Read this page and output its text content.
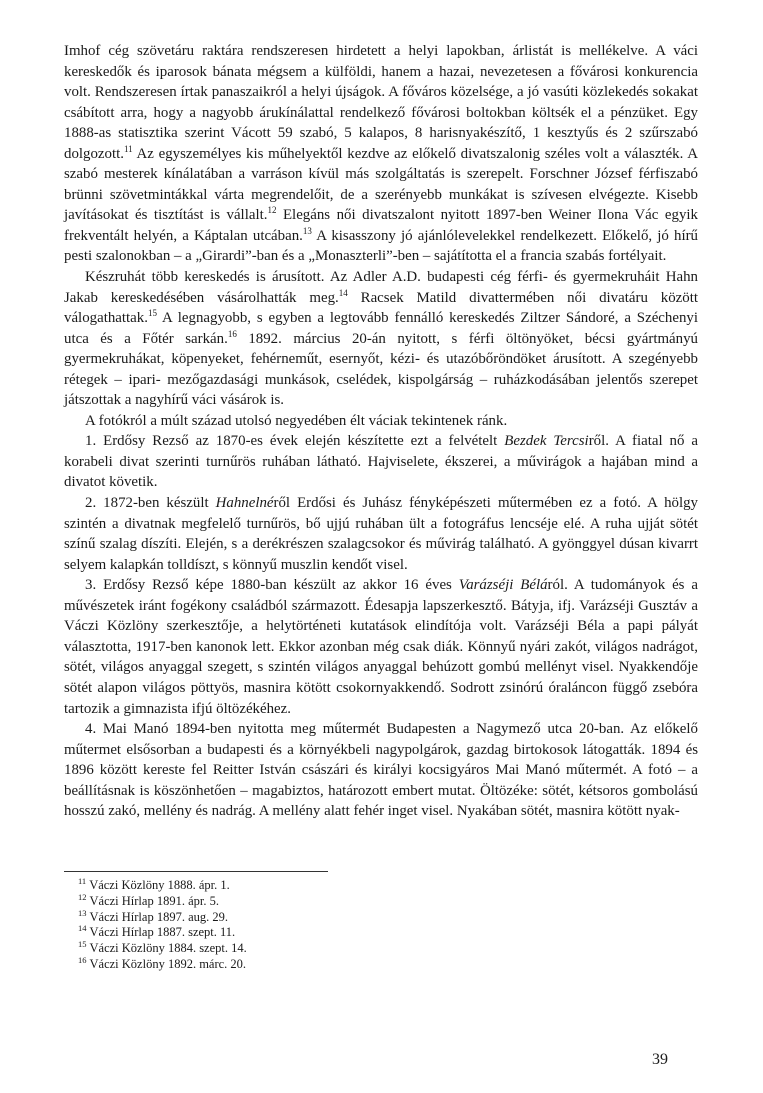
Imhof cég szövetáru raktára rendszeresen hirdetett a helyi lapokban, árlistát is mellékelve. A váci kereskedők és iparosok bánata mégsem a külföldi, hanem a hazai, nevezetesen a fővárosi konkurencia volt. Rendszeresen írtak panaszaikról a helyi újságok. A főváros közelsége, a jó vasúti közlekedés sokakat csábított arra, hogy a nagyobb árukínálattal rendelkező fővárosi boltokban költsék el a pénzüket. Egy 1888-as statisztika szerint Vácott 59 szabó, 5 kalapos, 8 harisnyakészítő, 1 kesztyűs és 2 szűrszabó dolgozott.$^{11}$ Az egyszemélyes kis műhelyektől kezdve az előkelő divatszalonig széles volt a választék. A szabó mesterek kínálatában a varráson kívül más szolgáltatás is szerepelt. Forschner József férfiszabó brünni szövetmintákkal várta megrendelőit, de a szerényebb munkákat is szívesen elvégezte. Kisebb javításokat és tisztítást is vállalt.$^{12}$ Elegáns női divatszalont nyitott 1897-ben Weiner Ilona Vác egyik frekventált helyén, a Káptalan utcában.$^{13}$ A kisasszony jó ajánlólevelekkel rendelkezett. Előkelő, jó hírű pesti szalonokban – a „Girardi”-ban és a „Monaszterli”-ben – sajátította el a francia szabás fortélyait.

Készruhát több kereskedés is árusított. Az Adler A.D. budapesti cég férfi- és gyermekruháit Hahn Jakab kereskedésében vásárolhatták meg.$^{14}$ Racsek Matild divattermében női divatáru között válogathattak.$^{15}$ A legnagyobb, s egyben a legtovább fennálló kereskedés Ziltzer Sándoré, a Széchenyi utca és a Főtér sarkán.$^{16}$ 1892. március 20-án nyitott, s férfi öltönyöket, bécsi gyártmányú gyermekruhákat, köpenyeket, fehérneműt, esernyőt, kézi- és utazóbőröndöket árusított. A szegényebb rétegek – ipari- mezőgazdasági munkások, cselédek, kispolgárság – ruházkodásában jelentős szerepet játszottak a nagyhírű váci vásárok is.

A fotókról a múlt század utolsó negyedében élt váciak tekintenek ránk.

1. Erdősy Rezső az 1870-es évek elején készítette ezt a felvételt Bezdek Tercsiről. A fiatal nő a korabeli divat szerinti turnűrös ruhában látható. Hajviselete, ékszerei, a művirágok a hajában mind a divatot követik.

2. 1872-ben készült Hahnelnéről Erdősi és Juhász fényképészeti műtermében ez a fotó. A hölgy szintén a divatnak megfelelő turnűrös, bő ujjú ruhában ült a fotográfus lencséje elé. A ruha ujját sötét színű szalag díszíti. Elején, s a derékrészen szalagcsokor és művirág található. A gyönggyel dúsan kivarrt selyem kalapkán tolldíszt, s könnyű muszlin kendőt visel.

3. Erdősy Rezső képe 1880-ban készült az akkor 16 éves Varázséji Béláról. A tudományok és a művészetek iránt fogékony családból származott. Édesapja lapszerkesztő. Bátyja, ifj. Varázséji Gusztáv a Váczi Közlöny szerkesztője, a helytörténeti kutatások elindítója volt. Varázséji Béla a papi pályát választotta, 1917-ben kanonok lett. Ekkor azonban még csak diák. Könnyű nyári zakót, világos nadrágot, sötét, világos anyaggal szegett, s szintén világos anyaggal behúzott gombú mellényt visel. Nyakkendője sötét alapon világos pöttyös, masnira kötött csokornyakkendő. Sodrott zsinórú óraláncon függő zsebóra tartozik a gimnazista ifjú öltözékéhez.

4. Mai Manó 1894-ben nyitotta meg műtermét Budapesten a Nagymező utca 20-ban. Az előkelő műtermet elsősorban a budapesti és a környékbeli nagypolgárok, gazdag birtokosok látogatták. 1894 és 1896 között kereste fel Reitter István császári és királyi kocsigyáros Mai Manó műtermét. A fotó – a beállításnak is köszönhetően – magabiztos, határozott embert mutat. Öltözéke: sötét, kétsoros gombolású hosszú zakó, mellény és nadrág. A mellény alatt fehér inget visel. Nyakában sötét, masnira kötött nyak-

$^{11}$ Váczi Közlöny 1888. ápr. 1.
$^{12}$ Váczi Hírlap 1891. ápr. 5.
$^{13}$ Váczi Hírlap 1897. aug. 29.
$^{14}$ Váczi Hírlap 1887. szept. 11.
$^{15}$ Váczi Közlöny 1884. szept. 14.
$^{16}$ Váczi Közlöny 1892. márc. 20.
39
